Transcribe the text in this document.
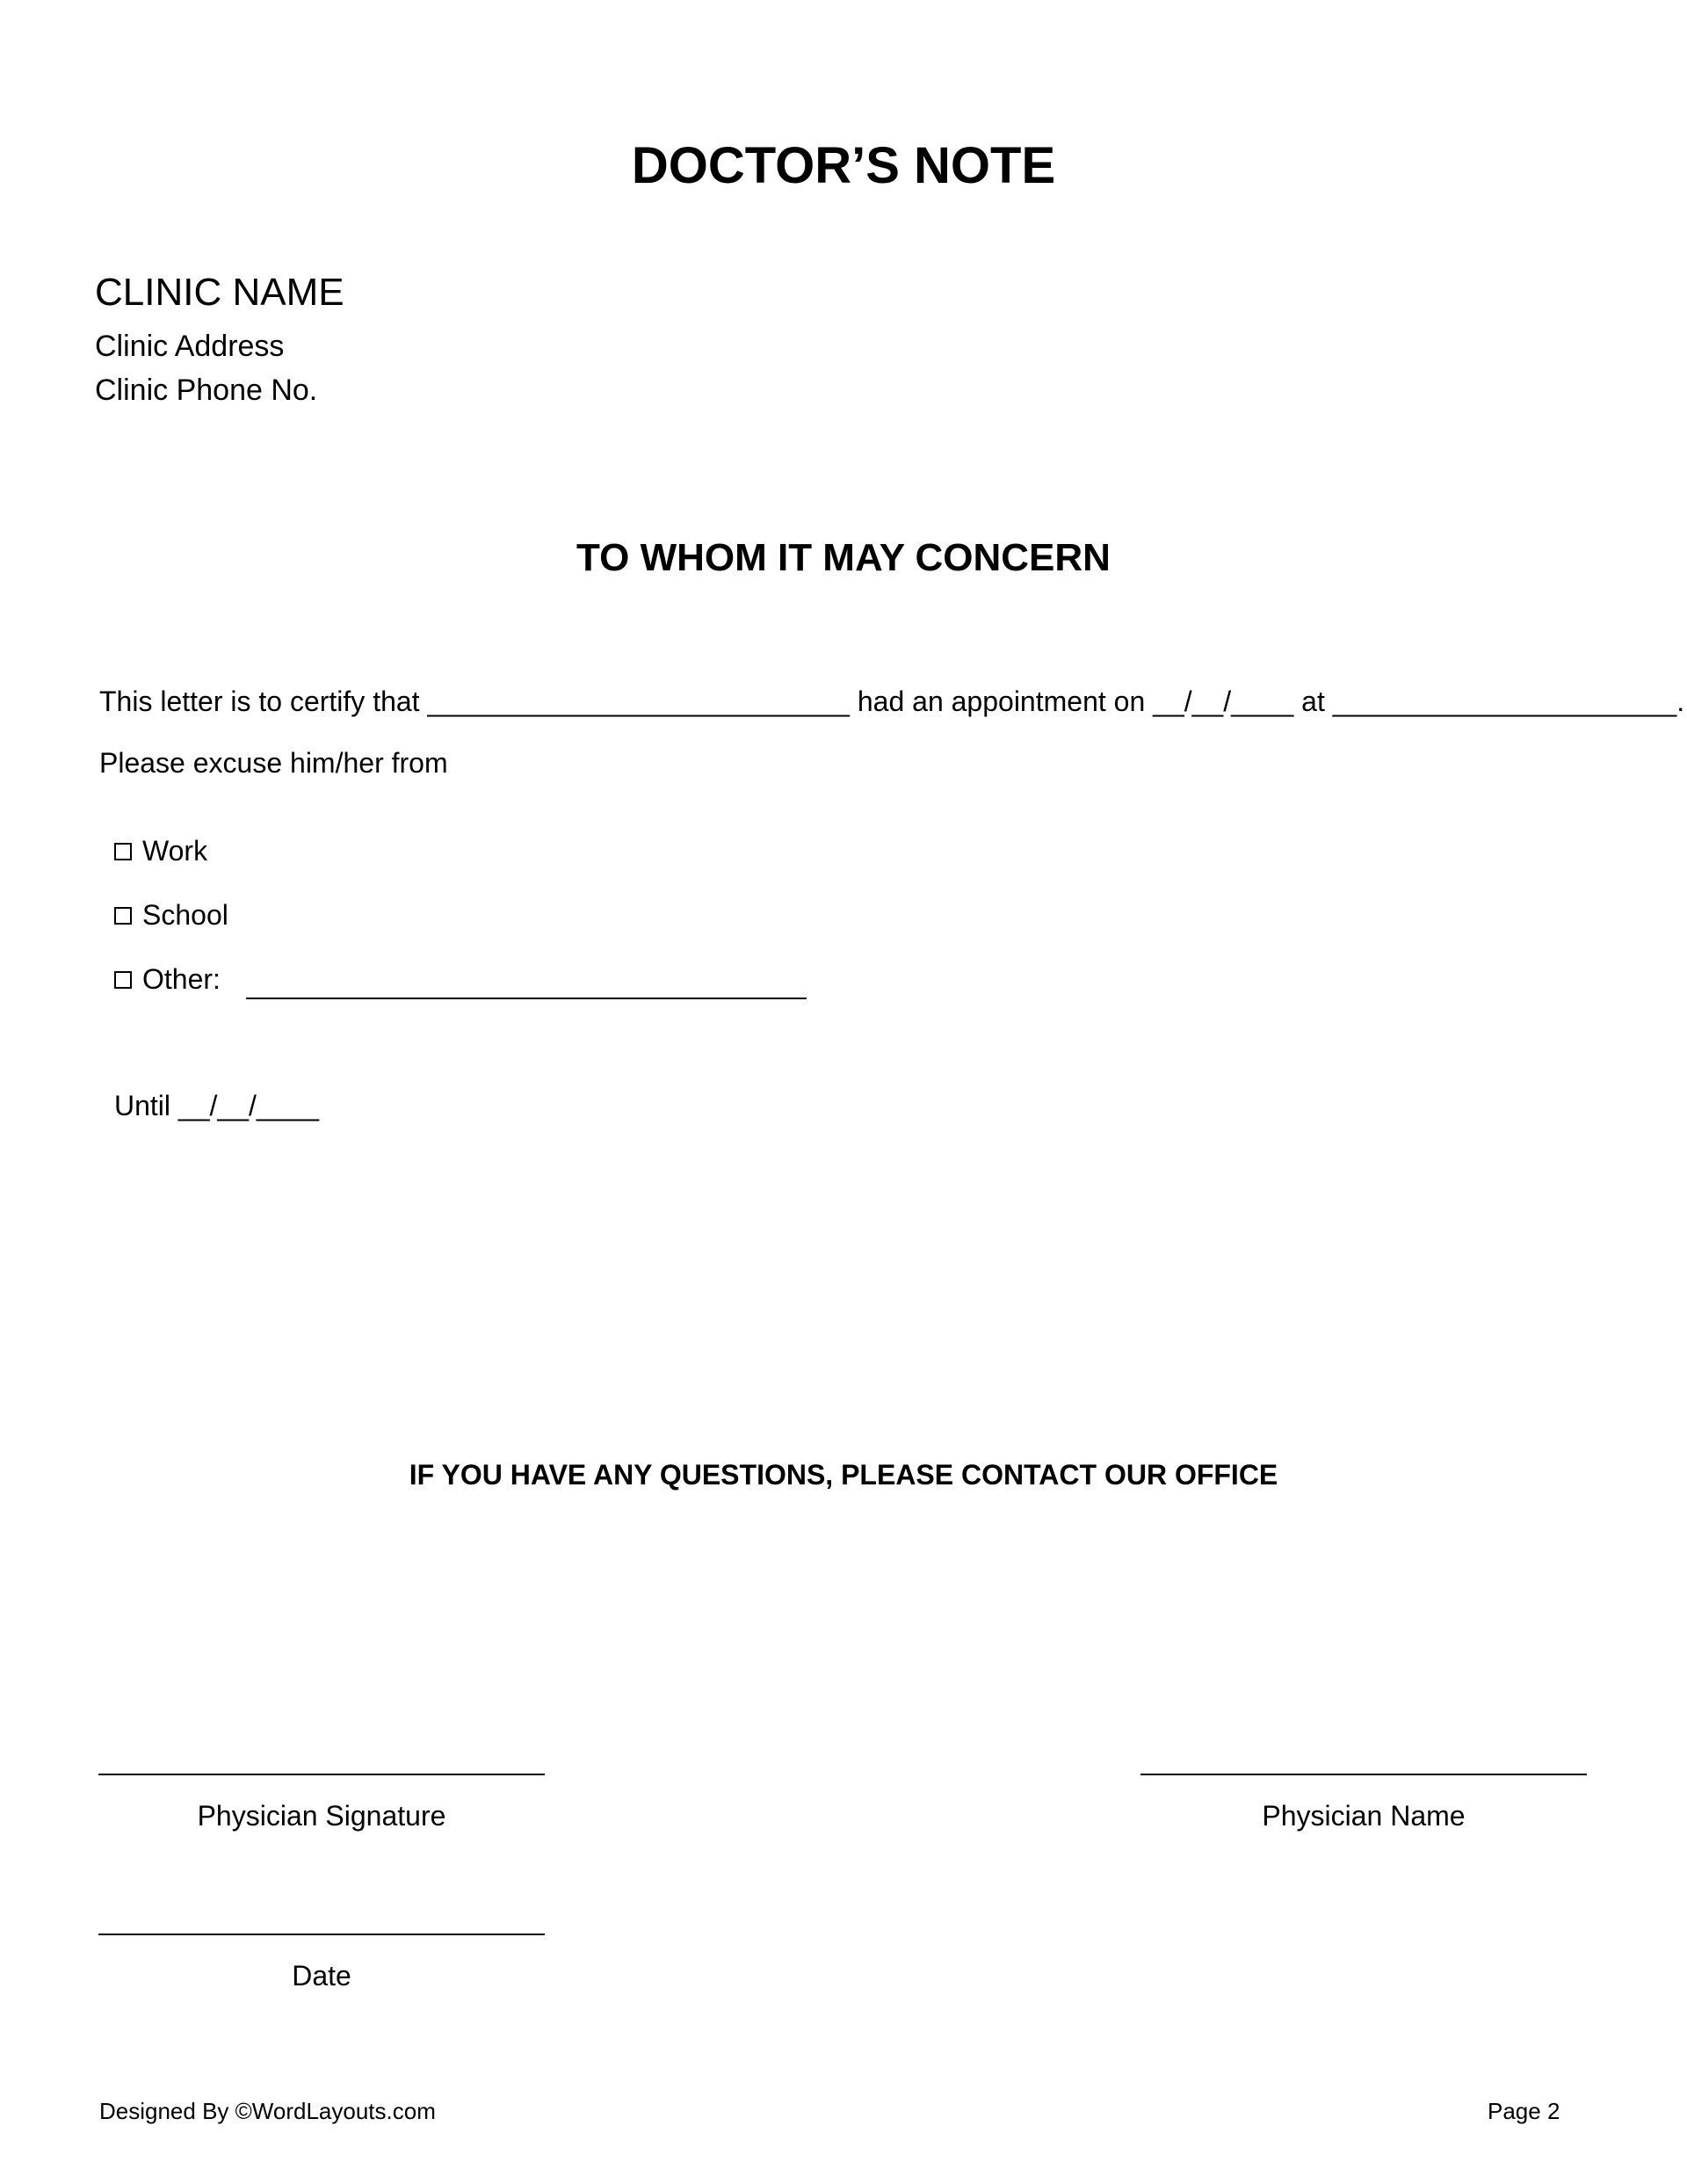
DOCTOR’S NOTE
CLINIC NAME
Clinic Address
Clinic Phone No.
TO WHOM IT MAY CONCERN
This letter is to certify that ___________________________ had an appointment on __/__/____ at ______________________.
Please excuse him/her from
Work
School
Other:
Until __/__/____
IF YOU HAVE ANY QUESTIONS, PLEASE CONTACT OUR OFFICE
Physician Signature	Physician Name
Date
Designed By ©WordLayouts.com	Page 2
